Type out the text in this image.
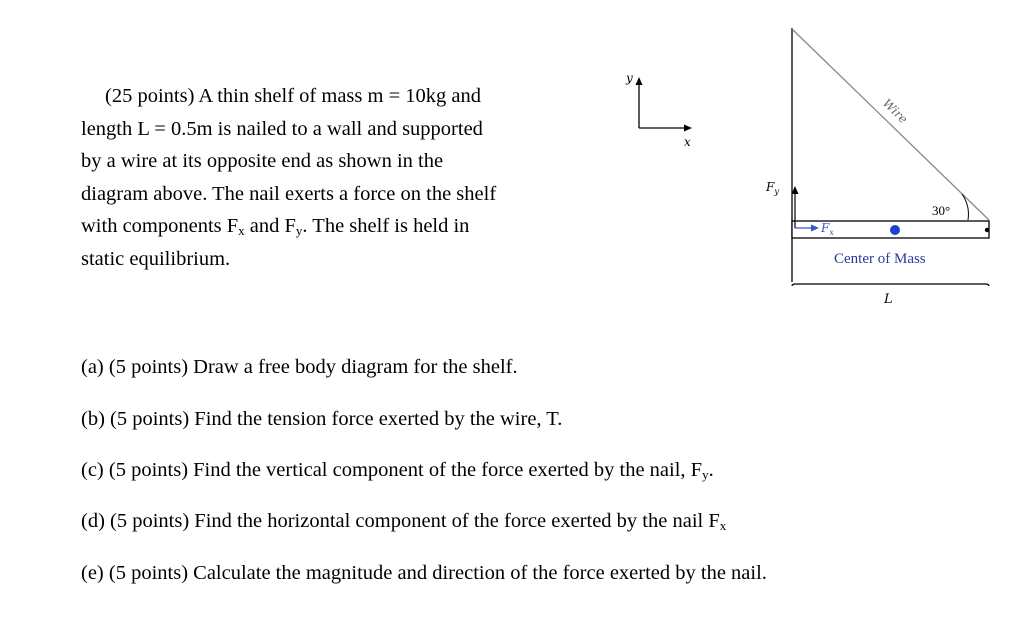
(25 points) A thin shelf of mass m = 10kg and
length L = 0.5m is nailed to a wall and supported
by a wire at its opposite end as shown in the
diagram above. The nail exerts a force on the shelf
with components $F_x$ and $F_y$. The shelf is held in
static equilibrium.
y
x
Wire
30°
$F_y$
$F_x$
Center of Mass
L
(a) (5 points) Draw a free body diagram for the shelf.
(b) (5 points) Find the tension force exerted by the wire, T.
(c) (5 points) Find the vertical component of the force exerted by the nail, $F_y$.
(d) (5 points) Find the horizontal component of the force exerted by the nail $F_x$
(e) (5 points) Calculate the magnitude and direction of the force exerted by the nail.
